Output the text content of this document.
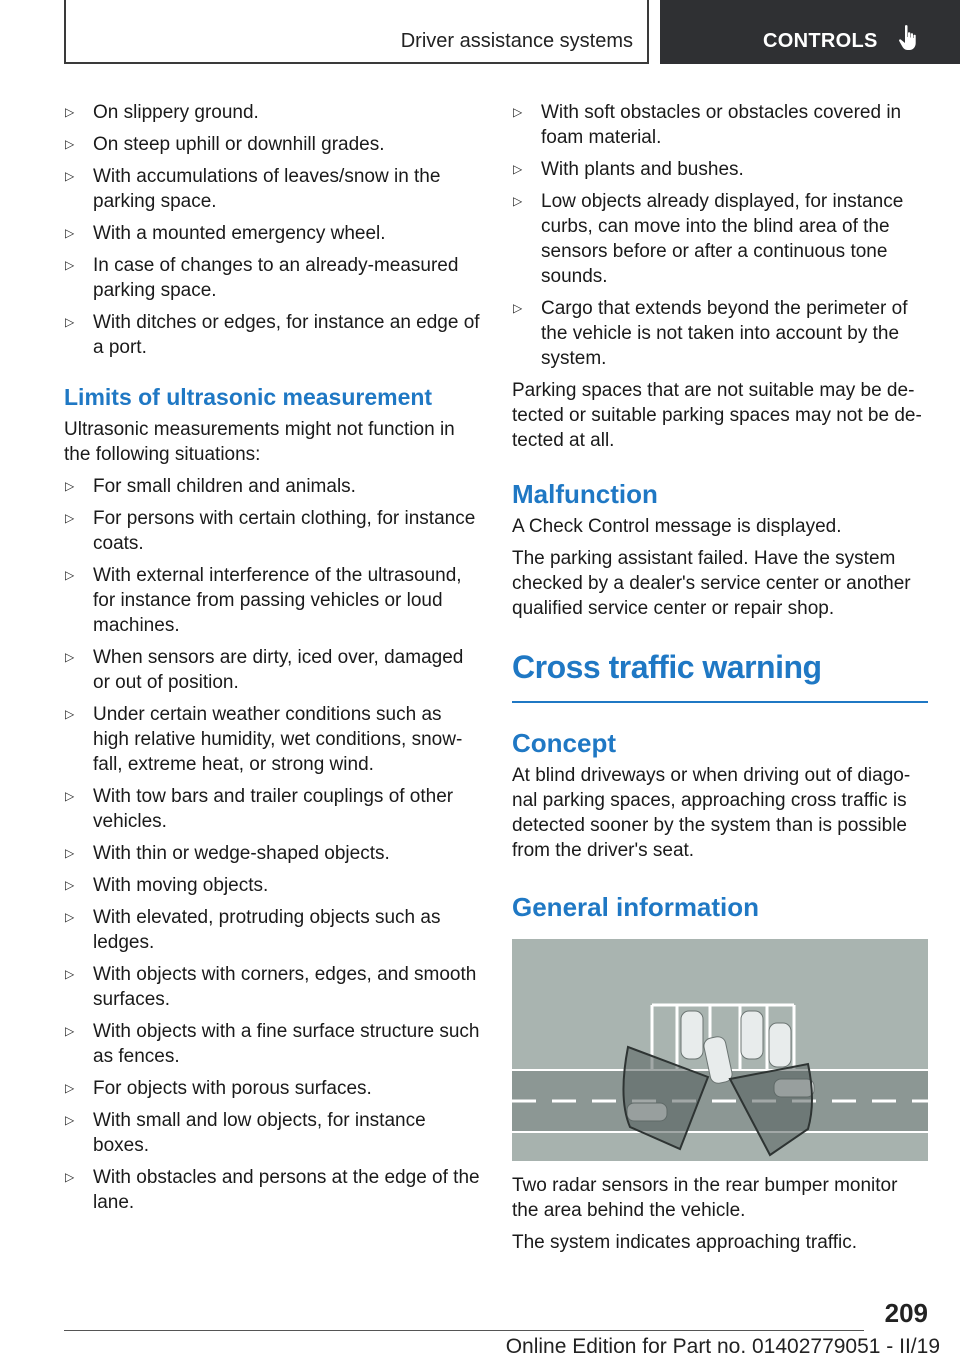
Driver assistance systems	CONTROLS
▷ On slippery ground.
▷ On steep uphill or downhill grades.
▷ With accumulations of leaves/snow in the parking space.
▷ With a mounted emergency wheel.
▷ In case of changes to an already-measured parking space.
▷ With ditches or edges, for instance an edge of a port.
Limits of ultrasonic measurement

Ultrasonic measurements might not function in the following situations:

▷ For small children and animals.
▷ For persons with certain clothing, for instance coats.
▷ With external interference of the ultrasound, for instance from passing vehicles or loud machines.
▷ When sensors are dirty, iced over, damaged or out of position.
▷ Under certain weather conditions such as high relative humidity, wet conditions, snow‐fall, extreme heat, or strong wind.
▷ With tow bars and trailer couplings of other vehicles.
▷ With thin or wedge-shaped objects.
▷ With moving objects.
▷ With elevated, protruding objects such as ledges.
▷ With objects with corners, edges, and smooth surfaces.
▷ With objects with a fine surface structure such as fences.
▷ For objects with porous surfaces.
▷ With small and low objects, for instance boxes.
▷ With obstacles and persons at the edge of the lane.
▷ With soft obstacles or obstacles covered in foam material.
▷ With plants and bushes.
▷ Low objects already displayed, for instance curbs, can move into the blind area of the sensors before or after a continuous tone sounds.
▷ Cargo that extends beyond the perimeter of the vehicle is not taken into account by the system.

Parking spaces that are not suitable may be de‐tected or suitable parking spaces may not be de‐tected at all.

Malfunction

A Check Control message is displayed.

The parking assistant failed. Have the system checked by a dealer's service center or another qualified service center or repair shop.

Cross traffic warning
Concept

At blind driveways or when driving out of diago‐nal parking spaces, approaching cross traffic is detected sooner by the system than is possible from the driver's seat.

General information

Two radar sensors in the rear bumper monitor the area behind the vehicle.

The system indicates approaching traffic.

209
Online Edition for Part no. 01402779051 - II/19
